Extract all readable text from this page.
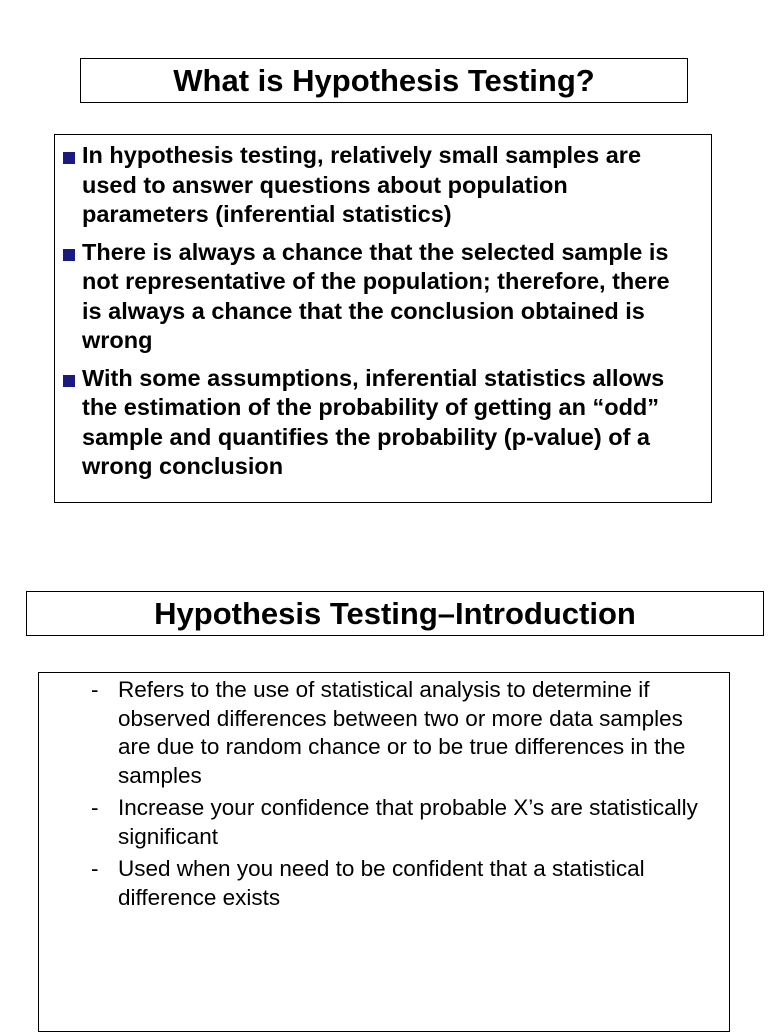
What is Hypothesis Testing?
In hypothesis testing, relatively small samples are used to answer questions about population parameters (inferential statistics)
There is always a chance that the selected sample is not representative of the population; therefore, there is always a chance that the conclusion obtained is wrong
With some assumptions, inferential statistics allows the estimation of the probability of getting an “odd” sample and quantifies the probability (p-value) of a wrong conclusion
Hypothesis Testing–Introduction
- Refers to the use of statistical analysis to determine if observed differences between two or more data samples are due to random chance or to be true differences in the samples
- Increase your confidence that probable X’s are statistically significant
- Used when you need to be confident that a statistical difference exists
